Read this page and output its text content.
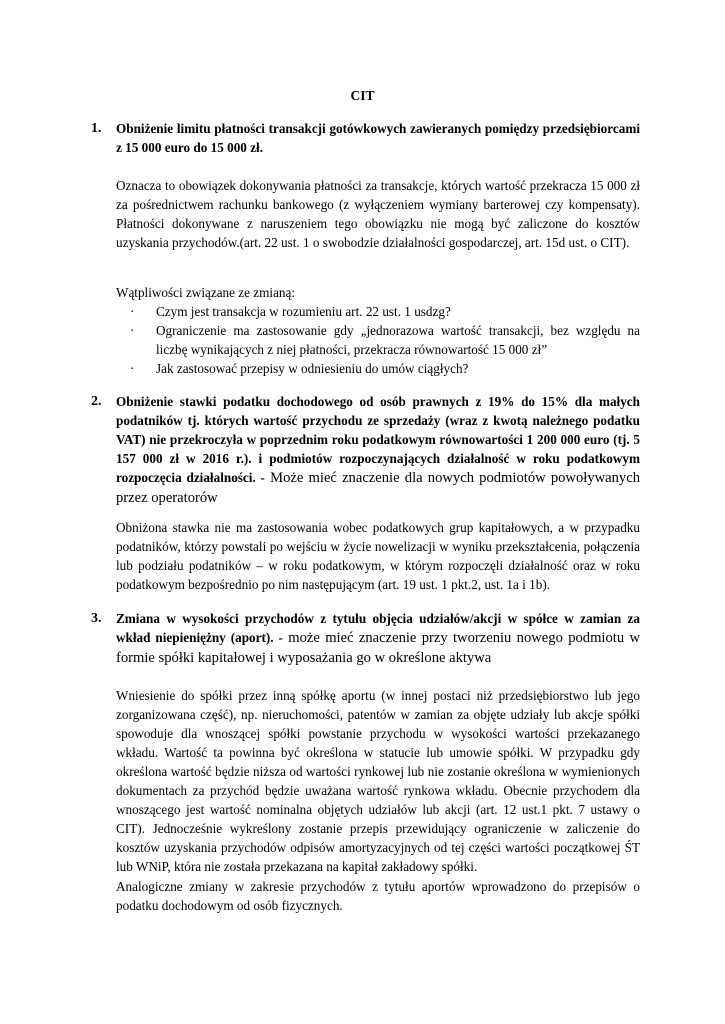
CIT
1. Obniżenie limitu płatności transakcji gotówkowych zawieranych pomiędzy przedsiębiorcami z 15 000 euro do 15 000 zł.
Oznacza to obowiązek dokonywania płatności za transakcje, których wartość przekracza 15 000 zł za pośrednictwem rachunku bankowego (z wyłączeniem wymiany barterowej czy kompensaty). Płatności dokonywane z naruszeniem tego obowiązku nie mogą być zaliczone do kosztów uzyskania przychodów.(art. 22 ust. 1 o swobodzie działalności gospodarczej, art. 15d ust. o CIT).
Wątpliwości związane ze zmianą:
· Czym jest transakcja w rozumieniu art. 22 ust. 1 usdzg?
· Ograniczenie ma zastosowanie gdy „jednorazowa wartość transakcji, bez względu na liczbę wynikających z niej płatności, przekracza równowartość 15 000 zł”
· Jak zastosować przepisy w odniesieniu do umów ciągłych?
2. Obniżenie stawki podatku dochodowego od osób prawnych z 19% do 15% dla małych podatników tj. których wartość przychodu ze sprzedaży (wraz z kwotą należnego podatku VAT) nie przekroczyła w poprzednim roku podatkowym równowartości 1 200 000 euro (tj. 5 157 000 zł w 2016 r.). i podmiotów rozpoczynających działalność w roku podatkowym rozpoczęcia działalności. - Może mieć znaczenie dla nowych podmiotów powoływanych przez operatorów
Obniżona stawka nie ma zastosowania wobec podatkowych grup kapitałowych, a w przypadku podatników, którzy powstali po wejściu w życie nowelizacji w wyniku przekształcenia, połączenia lub podziału podatników – w roku podatkowym, w którym rozpoczęli działalność oraz w roku podatkowym bezpośrednio po nim następującym (art. 19 ust. 1 pkt.2, ust. 1a i 1b).
3. Zmiana w wysokości przychodów z tytułu objęcia udziałów/akcji w spółce w zamian za wkład niepieniężny (aport). - może mieć znaczenie przy tworzeniu nowego podmiotu w formie spółki kapitałowej i wyposażania go w określone aktywa
Wniesienie do spółki przez inną spółkę aportu (w innej postaci niż przedsiębiorstwo lub jego zorganizowana część), np. nieruchomości, patentów w zamian za objęte udziały lub akcje spółki spowoduje dla wnoszącej spółki powstanie przychodu w wysokości wartości przekazanego wkładu. Wartość ta powinna być określona w statucie lub umowie spółki. W przypadku gdy określona wartość będzie niższa od wartości rynkowej lub nie zostanie określona w wymienionych dokumentach za przychód będzie uważana wartość rynkowa wkładu. Obecnie przychodem dla wnoszącego jest wartość nominalna objętych udziałów lub akcji (art. 12 ust.1 pkt. 7 ustawy o CIT). Jednocześnie wykreślony zostanie przepis przewidujący ograniczenie w zaliczenie do kosztów uzyskania przychodów odpisów amortyzacyjnych od tej części wartości początkowej ŚT lub WNiP, która nie została przekazana na kapitał zakładowy spółki.
Analogiczne zmiany w zakresie przychodów z tytułu aportów wprowadzono do przepisów o podatku dochodowym od osób fizycznych.
